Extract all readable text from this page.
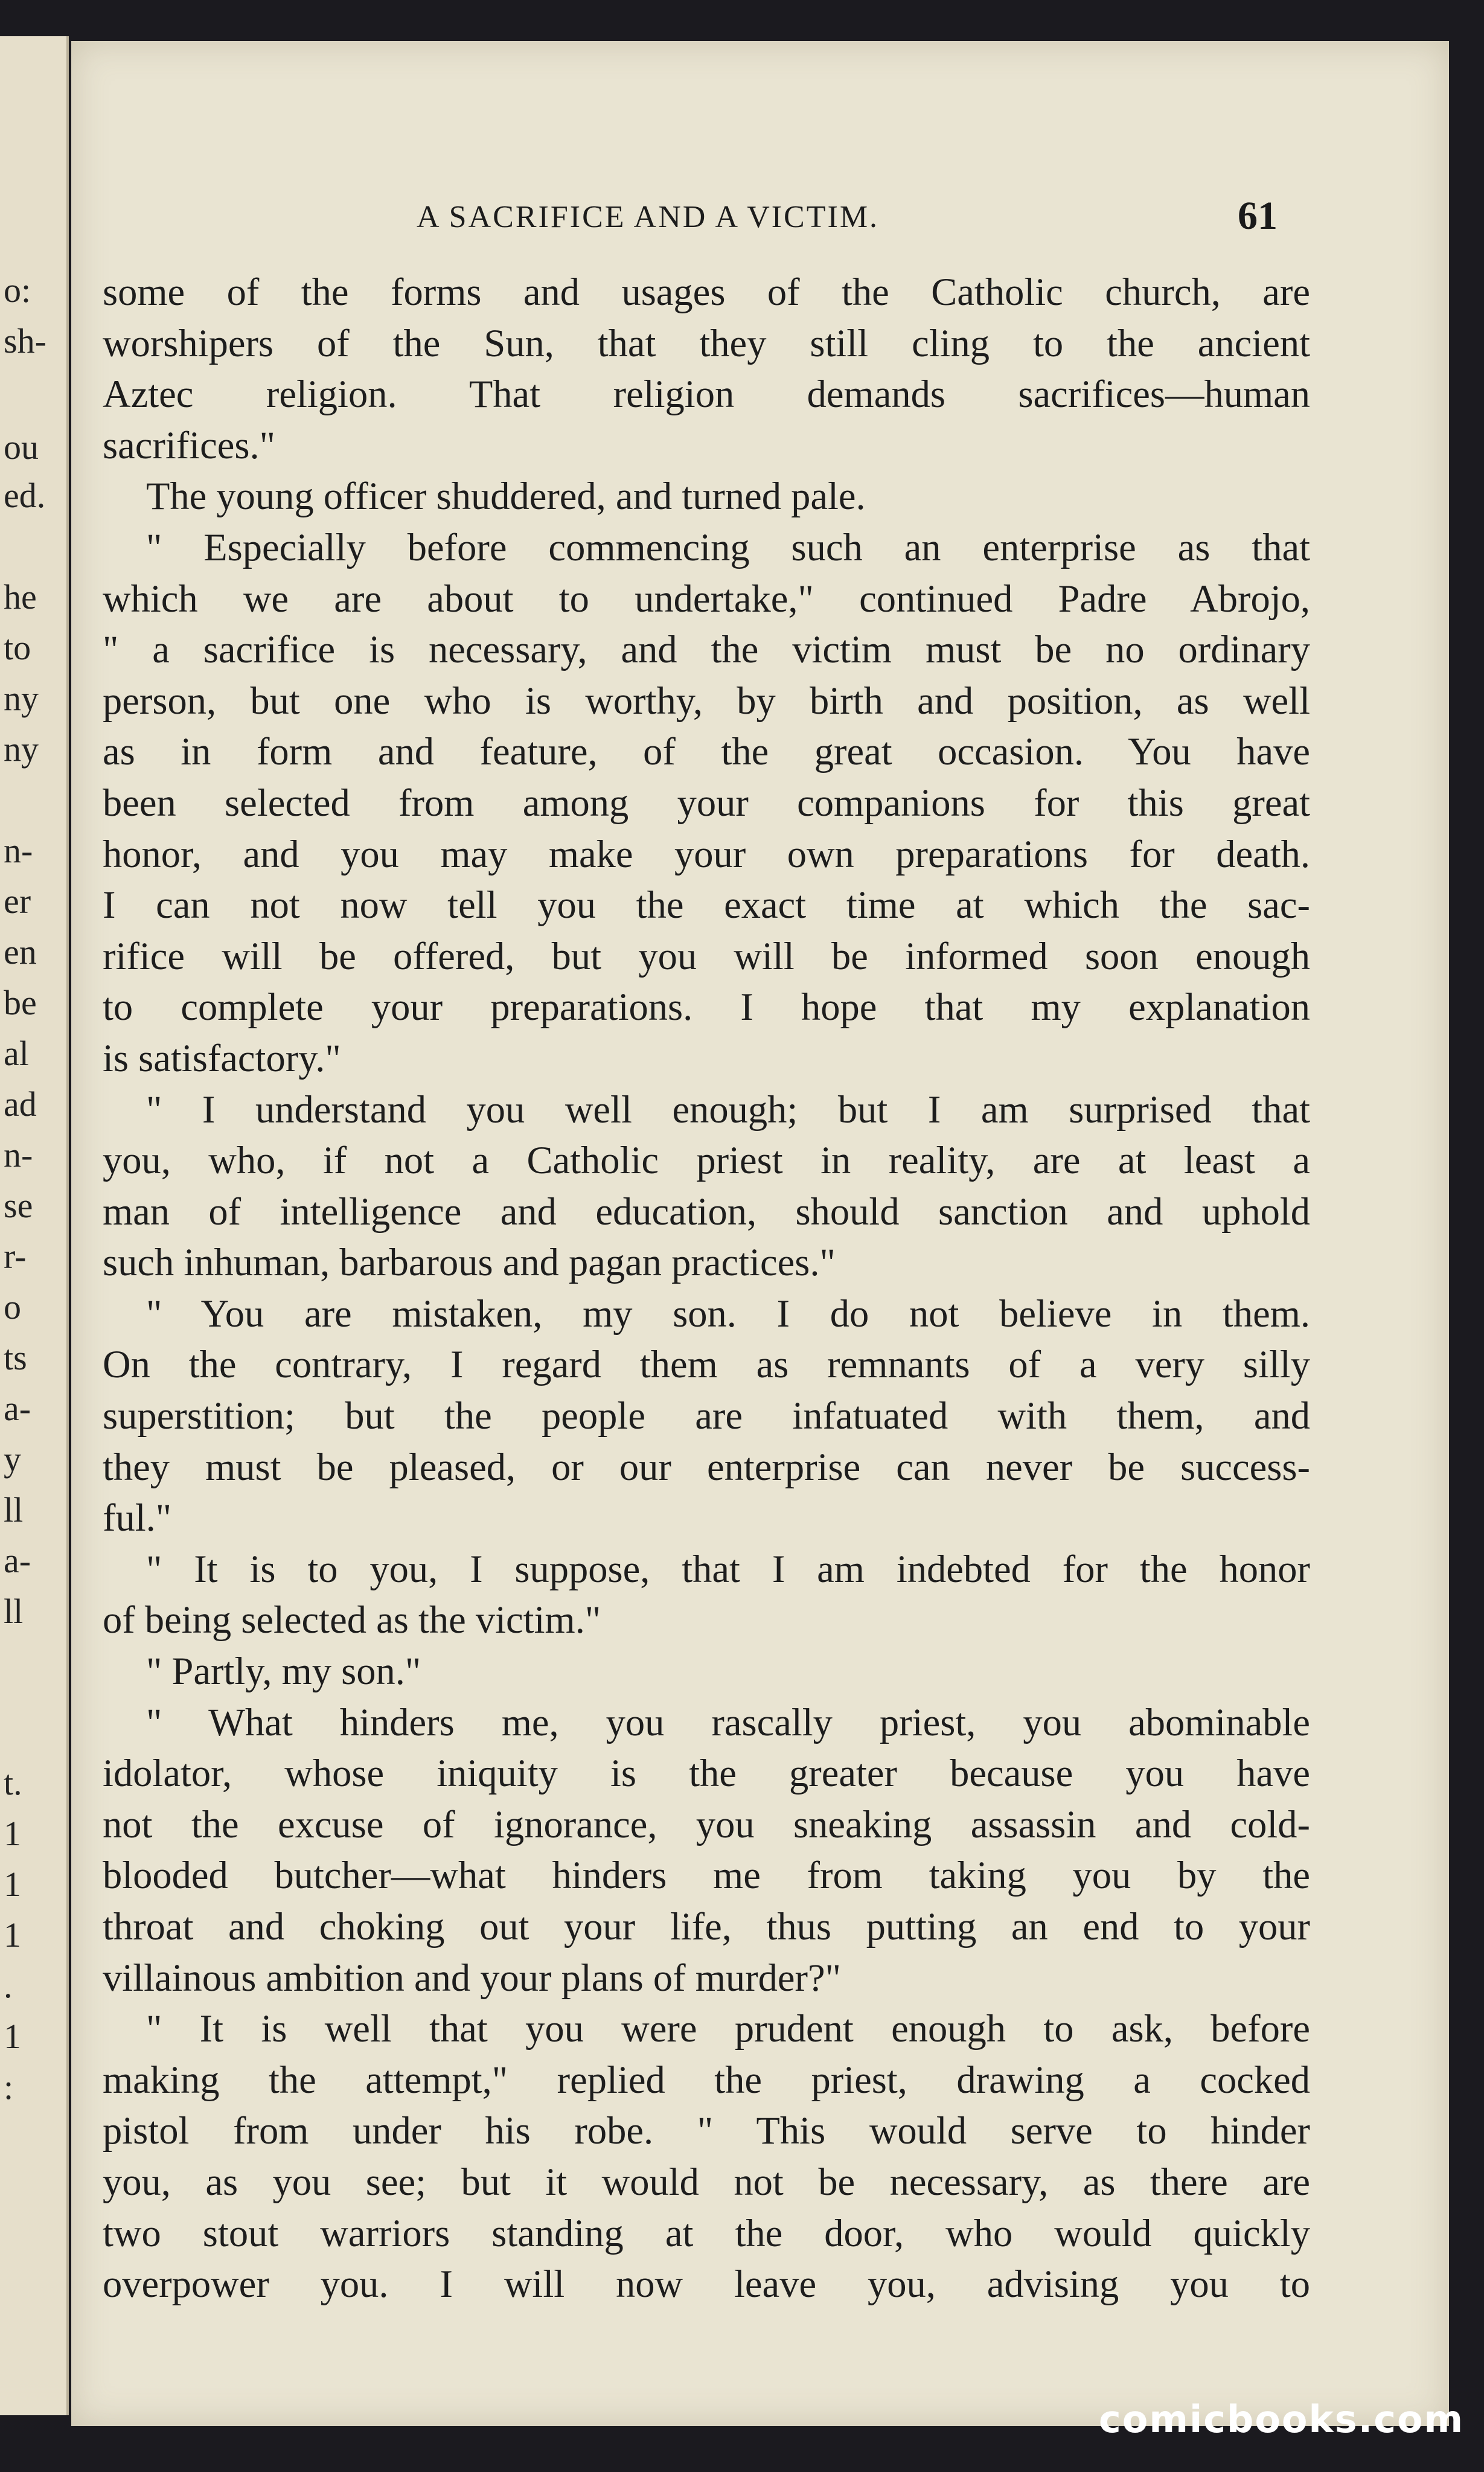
o:
sh-
ou
ed.
he
to
ny
ny
n-
er
en
be
al
ad
n-
se
r-
o
ts
a-
y
ll
a-
ll
t.
1
1
1
.
1
:
A SACRIFICE AND A VICTIM.	61
some of the forms and usages of the Catholic church, are
worshipers of the Sun, that they still cling to the ancient
Aztec religion. That religion demands sacrifices—human
sacrifices."
The young officer shuddered, and turned pale.
" Especially before commencing such an enterprise as that
which we are about to undertake," continued Padre Abrojo,
" a sacrifice is necessary, and the victim must be no ordinary
person, but one who is worthy, by birth and position, as well
as in form and feature, of the great occasion. You have
been selected from among your companions for this great
honor, and you may make your own preparations for death.
I can not now tell you the exact time at which the sac-
rifice will be offered, but you will be informed soon enough
to complete your preparations. I hope that my explanation
is satisfactory."
" I understand you well enough; but I am surprised that
you, who, if not a Catholic priest in reality, are at least a
man of intelligence and education, should sanction and uphold
such inhuman, barbarous and pagan practices."
" You are mistaken, my son. I do not believe in them.
On the contrary, I regard them as remnants of a very silly
superstition; but the people are infatuated with them, and
they must be pleased, or our enterprise can never be success-
ful."
" It is to you, I suppose, that I am indebted for the honor
of being selected as the victim."
" Partly, my son."
" What hinders me, you rascally priest, you abominable
idolator, whose iniquity is the greater because you have
not the excuse of ignorance, you sneaking assassin and cold-
blooded butcher—what hinders me from taking you by the
throat and choking out your life, thus putting an end to your
villainous ambition and your plans of murder?"
" It is well that you were prudent enough to ask, before
making the attempt," replied the priest, drawing a cocked
pistol from under his robe. " This would serve to hinder
you, as you see; but it would not be necessary, as there are
two stout warriors standing at the door, who would quickly
overpower you. I will now leave you, advising you to
comicbooks.com
